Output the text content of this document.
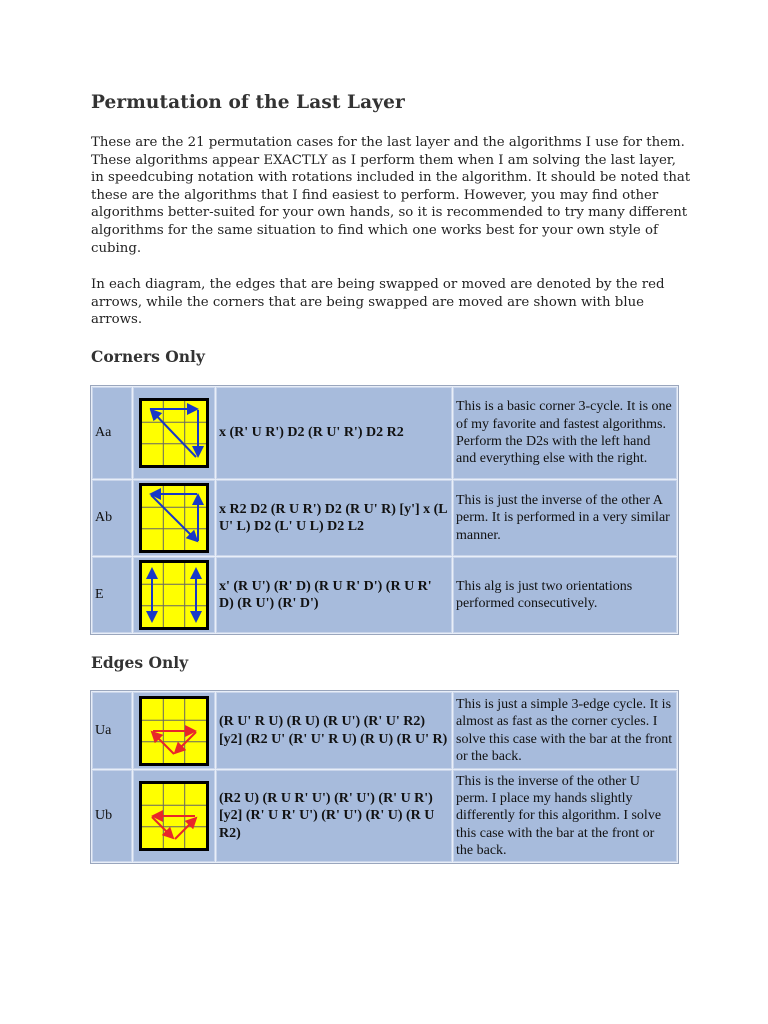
Permutation of the Last Layer

These are the 21 permutation cases for the last layer and the algorithms I use for them. These algorithms appear EXACTLY as I perform them when I am solving the last layer, in speedcubing notation with rotations included in the algorithm. It should be noted that these are the algorithms that I find easiest to perform. However, you may find other algorithms better-suited for your own hands, so it is recommended to try many different algorithms for the same situation to find which one works best for your own style of cubing.

In each diagram, the edges that are being swapped or moved are denoted by the red arrows, while the corners that are being swapped are moved are shown with blue arrows.

Corners Only
Aa		x (R' U R') D2 (R U' R') D2 R2	This is a basic corner 3-cycle. It is one of my favorite and fastest algorithms. Perform the D2s with the left hand and everything else with the right.
Ab		x R2 D2 (R U R') D2 (R U' R) [y'] x (L U' L) D2 (L' U L) D2 L2	This is just the inverse of the other A perm. It is performed in a very similar manner.
E		x' (R U') (R' D) (R U R' D') (R U R' D) (R U') (R' D')	This alg is just two orientations performed consecutively.
Edges Only
Ua		(R U' R U) (R U) (R U') (R' U' R2) [y2] (R2 U' (R' U' R U) (R U) (R U' R)	This is just a simple 3-edge cycle. It is almost as fast as the corner cycles. I solve this case with the bar at the front or the back.
Ub		(R2 U) (R U R' U') (R' U') (R' U R') [y2] (R' U R' U') (R' U') (R' U) (R U R2)	This is the inverse of the other U perm. I place my hands slightly differently for this algorithm. I solve this case with the bar at the front or the back.
